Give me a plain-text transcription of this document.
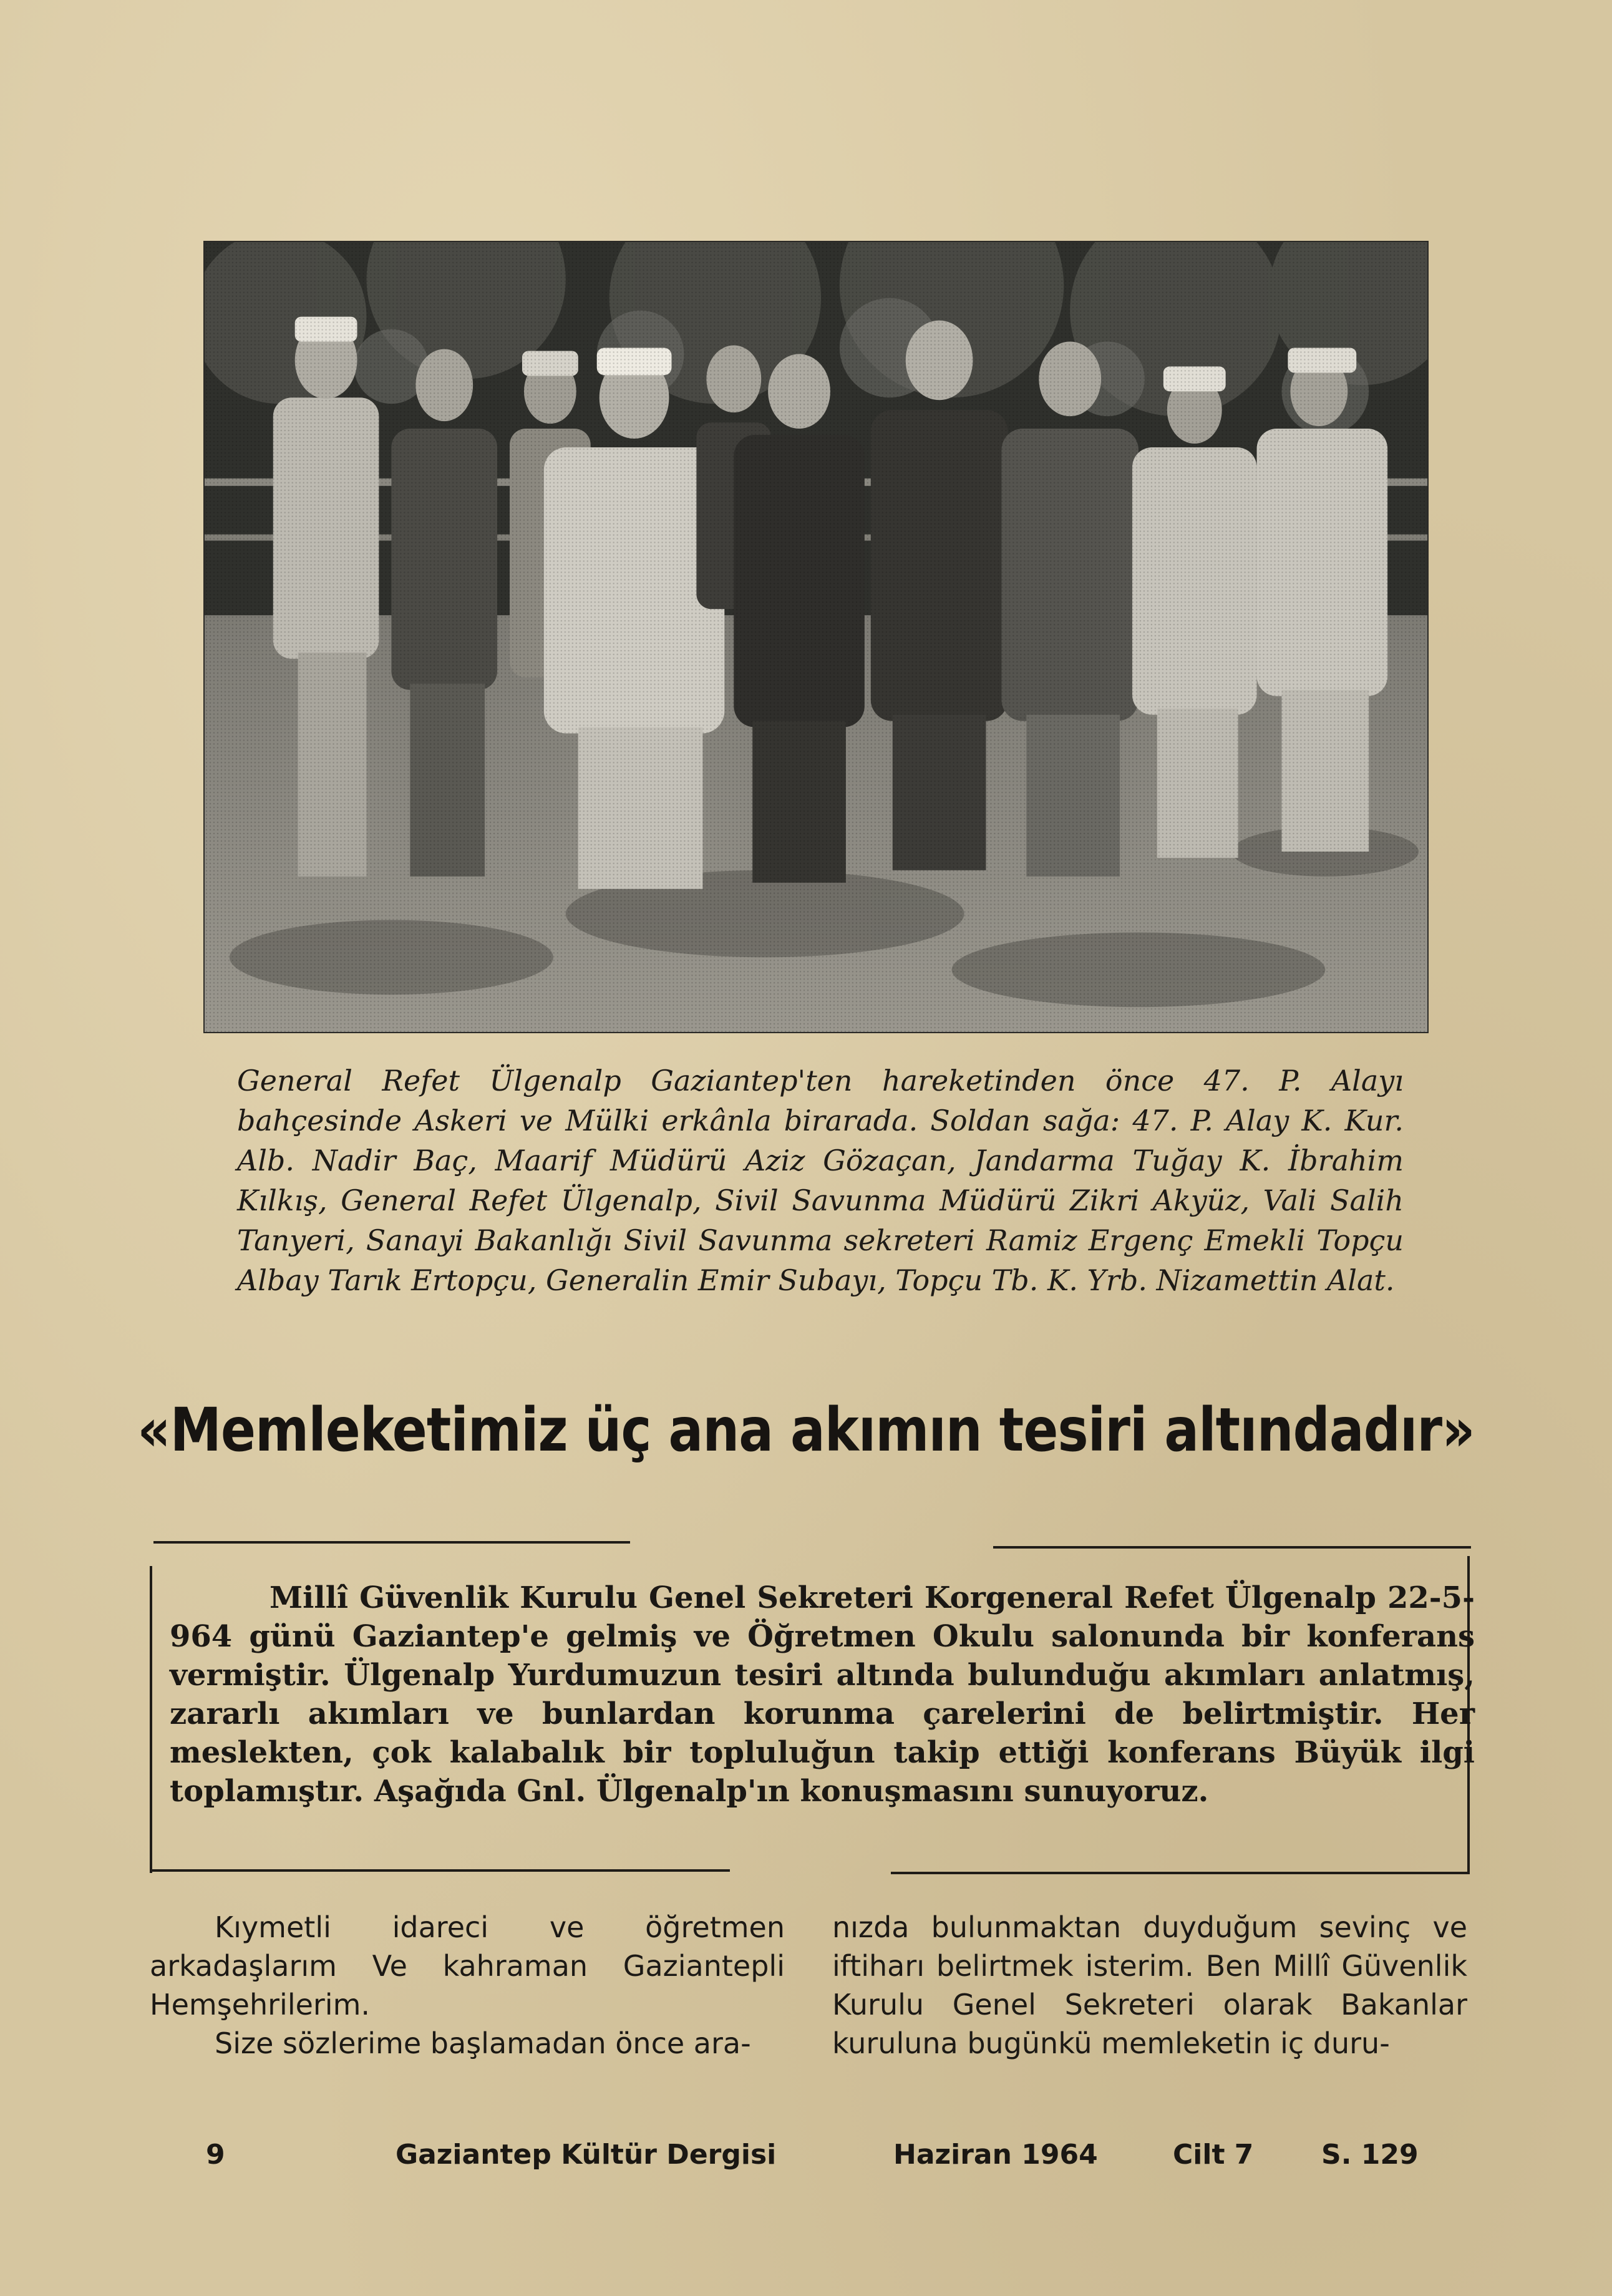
General Refet Ülgenalp Gaziantep'ten hareketinden önce 47. P. Alayı bahçesinde Askeri ve Mülki erkânla birarada. Soldan sağa: 47. P. Alay K. Kur. Alb. Nadir Baç, Maarif Müdürü Aziz Gözaçan, Jandarma Tuğay K. İbrahim Kılkış, General Refet Ülgenalp, Sivil Savunma Müdürü Zikri Akyüz, Vali Salih Tanyeri, Sanayi Bakanlığı Sivil Savunma sekreteri Ramiz Ergenç Emekli Topçu Albay Tarık Ertopçu, Generalin Emir Subayı, Topçu Tb. K. Yrb. Nizamettin Alat.
«Memleketimiz üç ana akımın tesiri altındadır»
Millî Güvenlik Kurulu Genel Sekreteri Korgeneral Refet Ülgenalp 22-5-964 günü Gaziantep'e gelmiş ve Öğretmen Okulu salonunda bir konferans vermiştir. Ülgenalp Yurdumuzun tesiri altında bulunduğu akımları anlatmış, zararlı akımları ve bunlardan korunma çarelerini de belirtmiştir. Her meslekten, çok kalabalık bir topluluğun takip ettiği konferans Büyük ilgi toplamıştır. Aşağıda Gnl. Ülgenalp'ın konuşmasını sunuyoruz.

Kıymetli idareci ve öğretmen arkadaşlarım Ve kahraman Gaziantepli Hemşehrilerim.

Size sözlerime başlamadan önce ara-

nızda bulunmaktan duyduğum sevinç ve iftiharı belirtmek isterim. Ben Millî Güvenlik Kurulu Genel Sekreteri olarak Bakanlar kuruluna bugünkü memleketin iç duru-

9	Gaziantep Kültür Dergisi	Haziran 1964	Cilt 7 S. 129
